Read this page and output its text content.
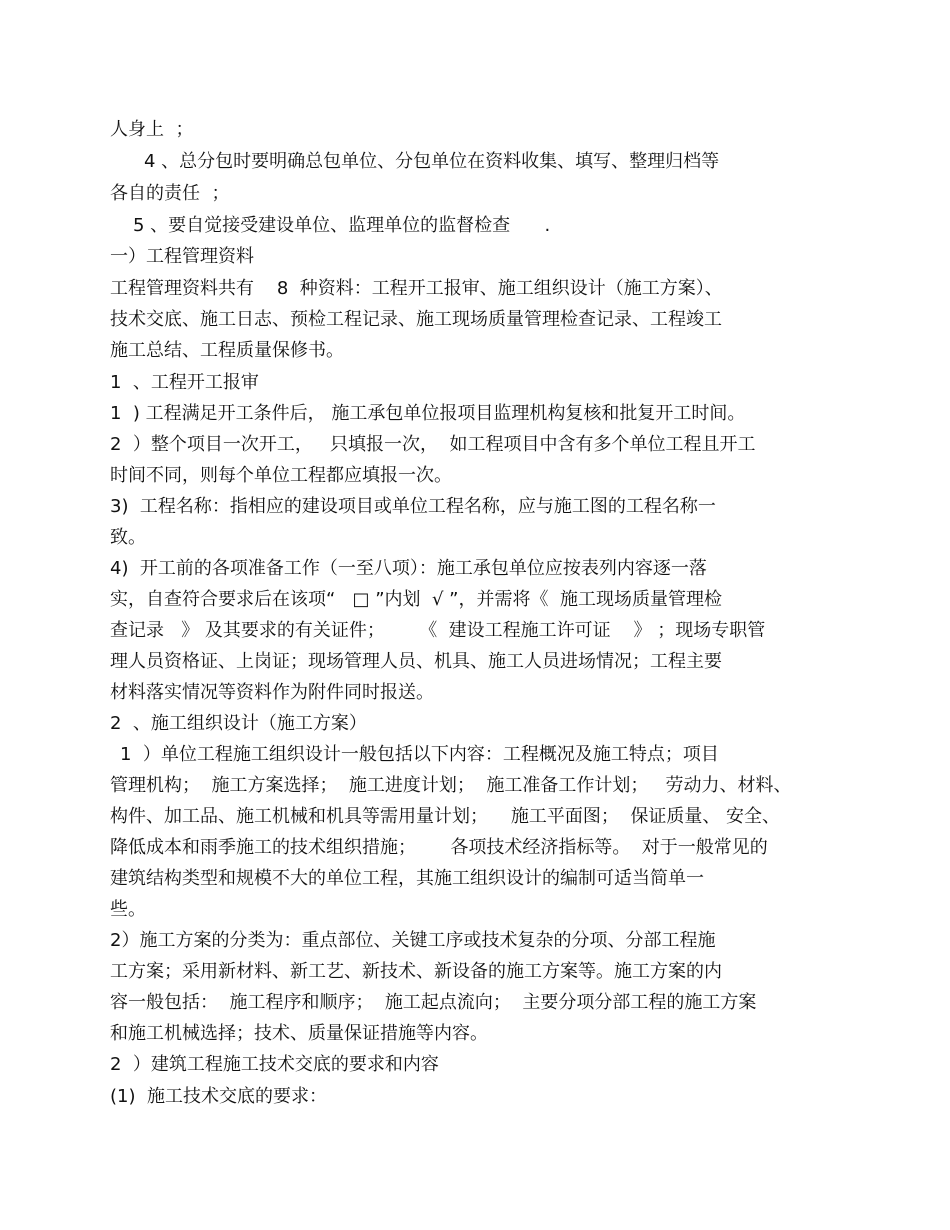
人身上  ；
4 、总分包时要明确总包单位、分包单位在资料收集、填写、整理归档等
各自的责任  ；
5 、要自觉接受建设单位、监理单位的监督检查      .
一）工程管理资料
工程管理资料共有    8  种资料：工程开工报审、施工组织设计（施工方案）、
技术交底、施工日志、预检工程记录、施工现场质量管理检查记录、工程竣工
施工总结、工程质量保修书。
1  、工程开工报审
1  ) 工程满足开工条件后， 施工承包单位报项目监理机构复核和批复开工时间。
2  ）整个项目一次开工，   只填报一次，  如工程项目中含有多个单位工程且开工
时间不同，则每个单位工程都应填报一次。
3)  工程名称：指相应的建设项目或单位工程名称，应与施工图的工程名称一
致。
4)  开工前的各项准备工作（一至八项）：施工承包单位应按表列内容逐一落
实，自查符合要求后在该项“   □ ”内划  √ ”，并需将《  施工现场质量管理检
查记录   》 及其要求的有关证件；      《  建设工程施工许可证    》 ；现场专职管
理人员资格证、上岗证；现场管理人员、机具、施工人员进场情况；工程主要
材料落实情况等资料作为附件同时报送。
2  、施工组织设计（施工方案）
1  ）单位工程施工组织设计一般包括以下内容：工程概况及施工特点；项目
管理机构；  施工方案选择；  施工进度计划；  施工准备工作计划；   劳动力、材料、
构件、加工品、施工机械和机具等需用量计划；    施工平面图；  保证质量、 安全、
降低成本和雨季施工的技术组织措施；      各项技术经济指标等。  对于一般常见的
建筑结构类型和规模不大的单位工程，其施工组织设计的编制可适当简单一
些。
2）施工方案的分类为：重点部位、关键工序或技术复杂的分项、分部工程施
工方案；采用新材料、新工艺、新技术、新设备的施工方案等。施工方案的内
容一般包括：  施工程序和顺序；  施工起点流向；  主要分项分部工程的施工方案
和施工机械选择；技术、质量保证措施等内容。
2  ）建筑工程施工技术交底的要求和内容
(1)  施工技术交底的要求：
